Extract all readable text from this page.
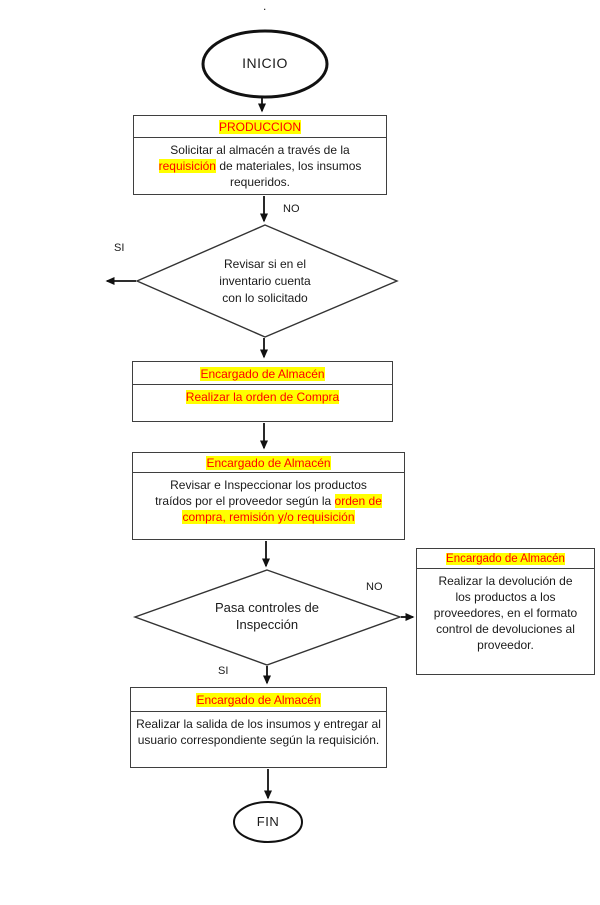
.
INICIO
PRODUCCION
Solicitar al almacén a través de la requisición de materiales, los insumos requeridos.
NO
SI
Revisar si en el inventario cuenta con lo solicitado
Encargado de Almacén
Realizar la orden de Compra
Encargado de Almacén
Revisar e Inspeccionar los productos traídos por el proveedor según la orden de compra, remisión y/o requisición
NO
Pasa controles de Inspección
SI
Encargado de Almacén
Realizar la devolución de los productos a los proveedores, en el formato control de devoluciones al proveedor.
Encargado de Almacén
Realizar la salida de los insumos y entregar al usuario correspondiente según la requisición.
FIN
